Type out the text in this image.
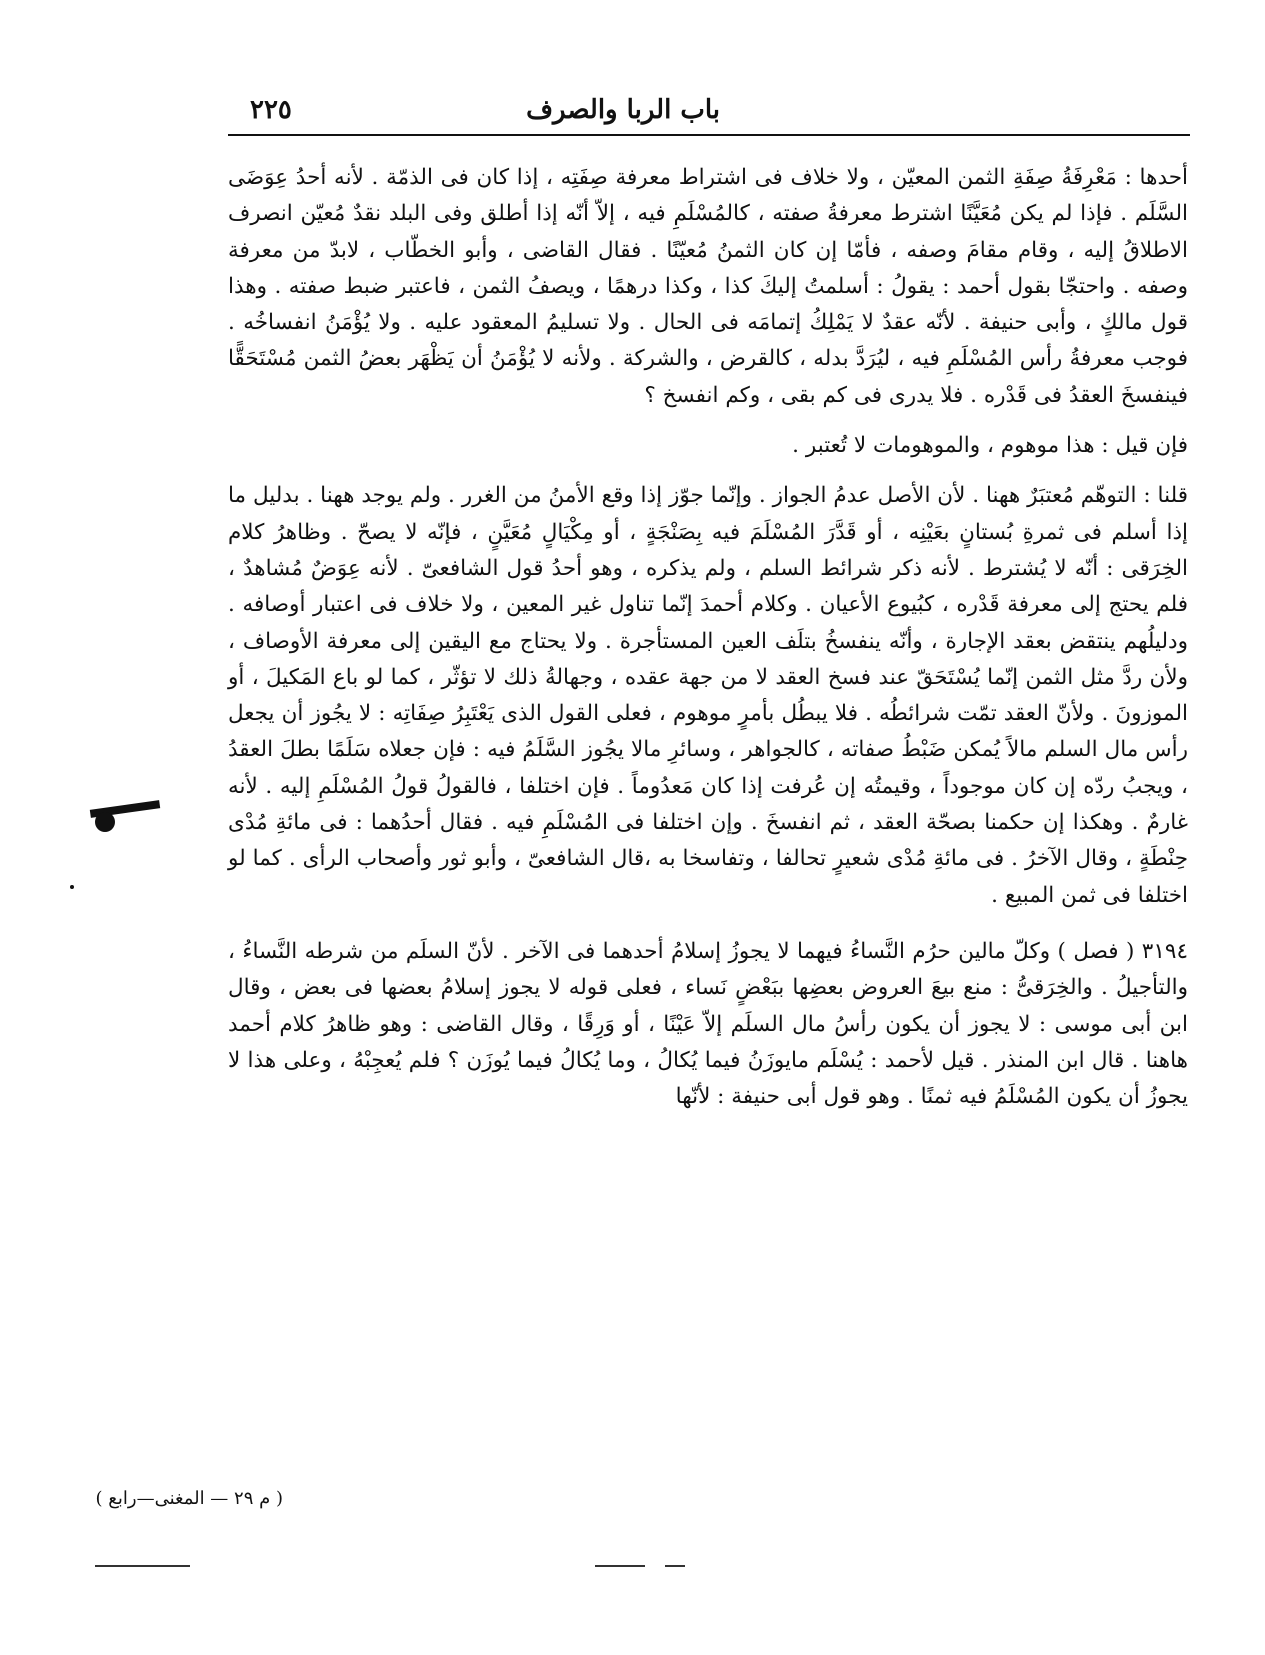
باب الربا والصرف
٢٢٥

أحدها : مَعْرِفَةُ صِفَةِ الثمن المعيّن ، ولا خلاف فى اشتراط معرفة صِفَتِه ، إذا كان فى الذمّة . لأنه أحدُ عِوَضَى السَّلَم . فإذا لم يكن مُعَيَّنًا اشترط معرفةُ صفته ، كالمُسْلَمِ فيه ، إلاّ أنّه إذا أطلق وفى البلد نقدٌ مُعيّن انصرف الاطلاقُ إليه ، وقام مقامَ وصفه ، فأمّا إن كان الثمنُ مُعيّنًا . فقال القاضى ، وأبو الخطّاب ، لابدّ من معرفة وصفه . واحتجّا بقول أحمد : يقولُ : أسلمتُ إليكَ كذا ، وكذا درهمًا ، ويصفُ الثمن ، فاعتبر ضبط صفته . وهذا قول مالكٍ ، وأبى حنيفة . لأنّه عقدٌ لا يَمْلِكُ إتمامَه فى الحال . ولا تسليمُ المعقود عليه . ولا يُؤْمَنُ انفساخُه . فوجب معرفةُ رأس المُسْلَمِ فيه ، ليُرَدَّ بدله ، كالقرض ، والشركة . ولأنه لا يُؤْمَنُ أن يَظْهَر بعضُ الثمن مُسْتَحَقًّا فينفسخَ العقدُ فى قَدْره . فلا يدرى فى كم بقى ، وكم انفسخ ؟

فإن قيل : هذا موهوم ، والموهومات لا تُعتبر .

قلنا : التوهّم مُعتبَرٌ ههنا . لأن الأصل عدمُ الجواز . وإنّما جوّز إذا وقع الأمنُ من الغرر . ولم يوجد ههنا . بدليل ما إذا أسلم فى ثمرةِ بُستانٍ بعَيْنِه ، أو قَدَّرَ المُسْلَمَ فيه بِصَنْجَةٍ ، أو مِكْيَالٍ مُعَيَّنٍ ، فإنّه لا يصحّ . وظاهرُ كلام الخِرَقى : أنّه لا يُشترط . لأنه ذكر شرائط السلم ، ولم يذكره ، وهو أحدُ قول الشافعىّ . لأنه عِوَضٌ مُشاهدٌ ، فلم يحتج إلى معرفة قَدْره ، كبُيوع الأعيان . وكلام أحمدَ إنّما تناول غير المعين ، ولا خلاف فى اعتبار أوصافه . ودليلُهم ينتقض بعقد الإجارة ، وأنّه ينفسخُ بتلَف العين المستأجرة . ولا يحتاج مع اليقين إلى معرفة الأوصاف ، ولأن ردَّ مثل الثمن إنّما يُسْتَحَقّ عند فسخ العقد لا من جهة عقده ، وجهالةُ ذلك لا تؤثّر ، كما لو باع المَكيلَ ، أو الموزونَ . ولأنّ العقد تمّت شرائطُه . فلا يبطُل بأمرٍ موهوم ، فعلى القول الذى يَعْتَبِرُ صِفَاتِه : لا يجُوز أن يجعل رأس مال السلم مالاً يُمكن ضَبْطُ صفاته ، كالجواهر ، وسائرِ مالا يجُوز السَّلَمُ فيه : فإن جعلاه سَلَمًا بطلَ العقدُ ، ويجبُ ردّه إن كان موجوداً ، وقيمتُه إن عُرفت إذا كان مَعدُوماً . فإن اختلفا ، فالقولُ قولُ المُسْلَمِ إليه . لأنه غارمٌ . وهكذا إن حكمنا بصحّة العقد ، ثم انفسخَ . وإن اختلفا فى المُسْلَمِ فيه . فقال أحدُهما : فى مائةِ مُدْى حِنْطَةٍ ، وقال الآخرُ . فى مائةِ مُدْى شعيرٍ تحالفا ، وتفاسخا به ،قال الشافعىّ ، وأبو ثور وأصحاب الرأى . كما لو اختلفا فى ثمن المبيع .

٣١٩٤ ( فصل ) وكلّ مالين حرُم النَّساءُ فيهما لا يجوزُ إسلامُ أحدهما فى الآخر . لأنّ السلَم من شرطه النَّساءُ ، والتأجيلُ . والخِرَقىُّ : منع بيعَ العروض بعضِها ببَعْضٍ نَساء ، فعلى قوله لا يجوز إسلامُ بعضها فى بعض ، وقال ابن أبى موسى : لا يجوز أن يكون رأسُ مال السلَم إلاّ عَيْنًا ، أو وَرِقًا ، وقال القاضى : وهو ظاهرُ كلام أحمد هاهنا . قال ابن المنذر . قيل لأحمد : يُسْلَم مايوزَنُ فيما يُكالُ ، وما يُكالُ فيما يُوزَن ؟ فلم يُعجِبْهُ ، وعلى هذا لا يجوزُ أن يكون المُسْلَمُ فيه ثمنًا . وهو قول أبى حنيفة : لأنّها

( م ٢٩ — المغنى—رابع )
